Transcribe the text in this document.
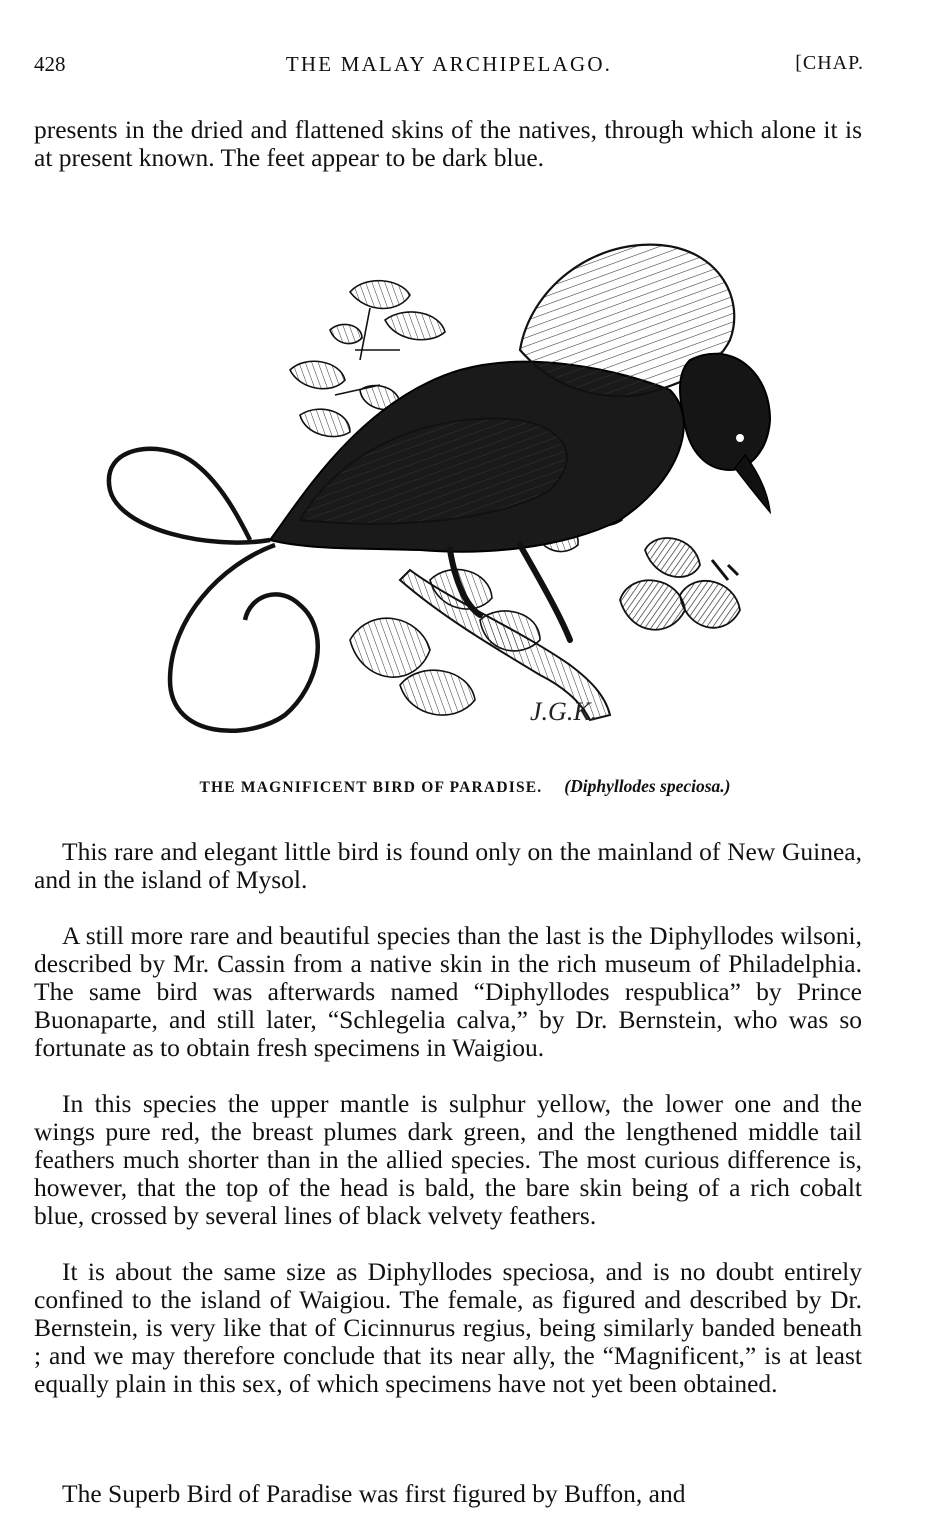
428	THE MALAY ARCHIPELAGO.	[CHAP.

presents in the dried and flattened skins of the natives, through which alone it is at present known. The feet appear to be dark blue.

J.G.K.
THE MAGNIFICENT BIRD OF PARADISE. (Diphyllodes speciosa.)

This rare and elegant little bird is found only on the mainland of New Guinea, and in the island of Mysol.

A still more rare and beautiful species than the last is the Diphyllodes wilsoni, described by Mr. Cassin from a native skin in the rich museum of Philadelphia. The same bird was afterwards named “Diphyllodes respublica” by Prince Buonaparte, and still later, “Schlegelia calva,” by Dr. Bernstein, who was so fortunate as to obtain fresh specimens in Waigiou.

In this species the upper mantle is sulphur yellow, the lower one and the wings pure red, the breast plumes dark green, and the lengthened middle tail feathers much shorter than in the allied species. The most curious difference is, however, that the top of the head is bald, the bare skin being of a rich cobalt blue, crossed by several lines of black velvety feathers.

It is about the same size as Diphyllodes speciosa, and is no doubt entirely confined to the island of Waigiou. The female, as figured and described by Dr. Bernstein, is very like that of Cicinnurus regius, being similarly banded beneath ; and we may therefore conclude that its near ally, the “Magnificent,” is at least equally plain in this sex, of which specimens have not yet been obtained.

The Superb Bird of Paradise was first figured by Buffon, and
